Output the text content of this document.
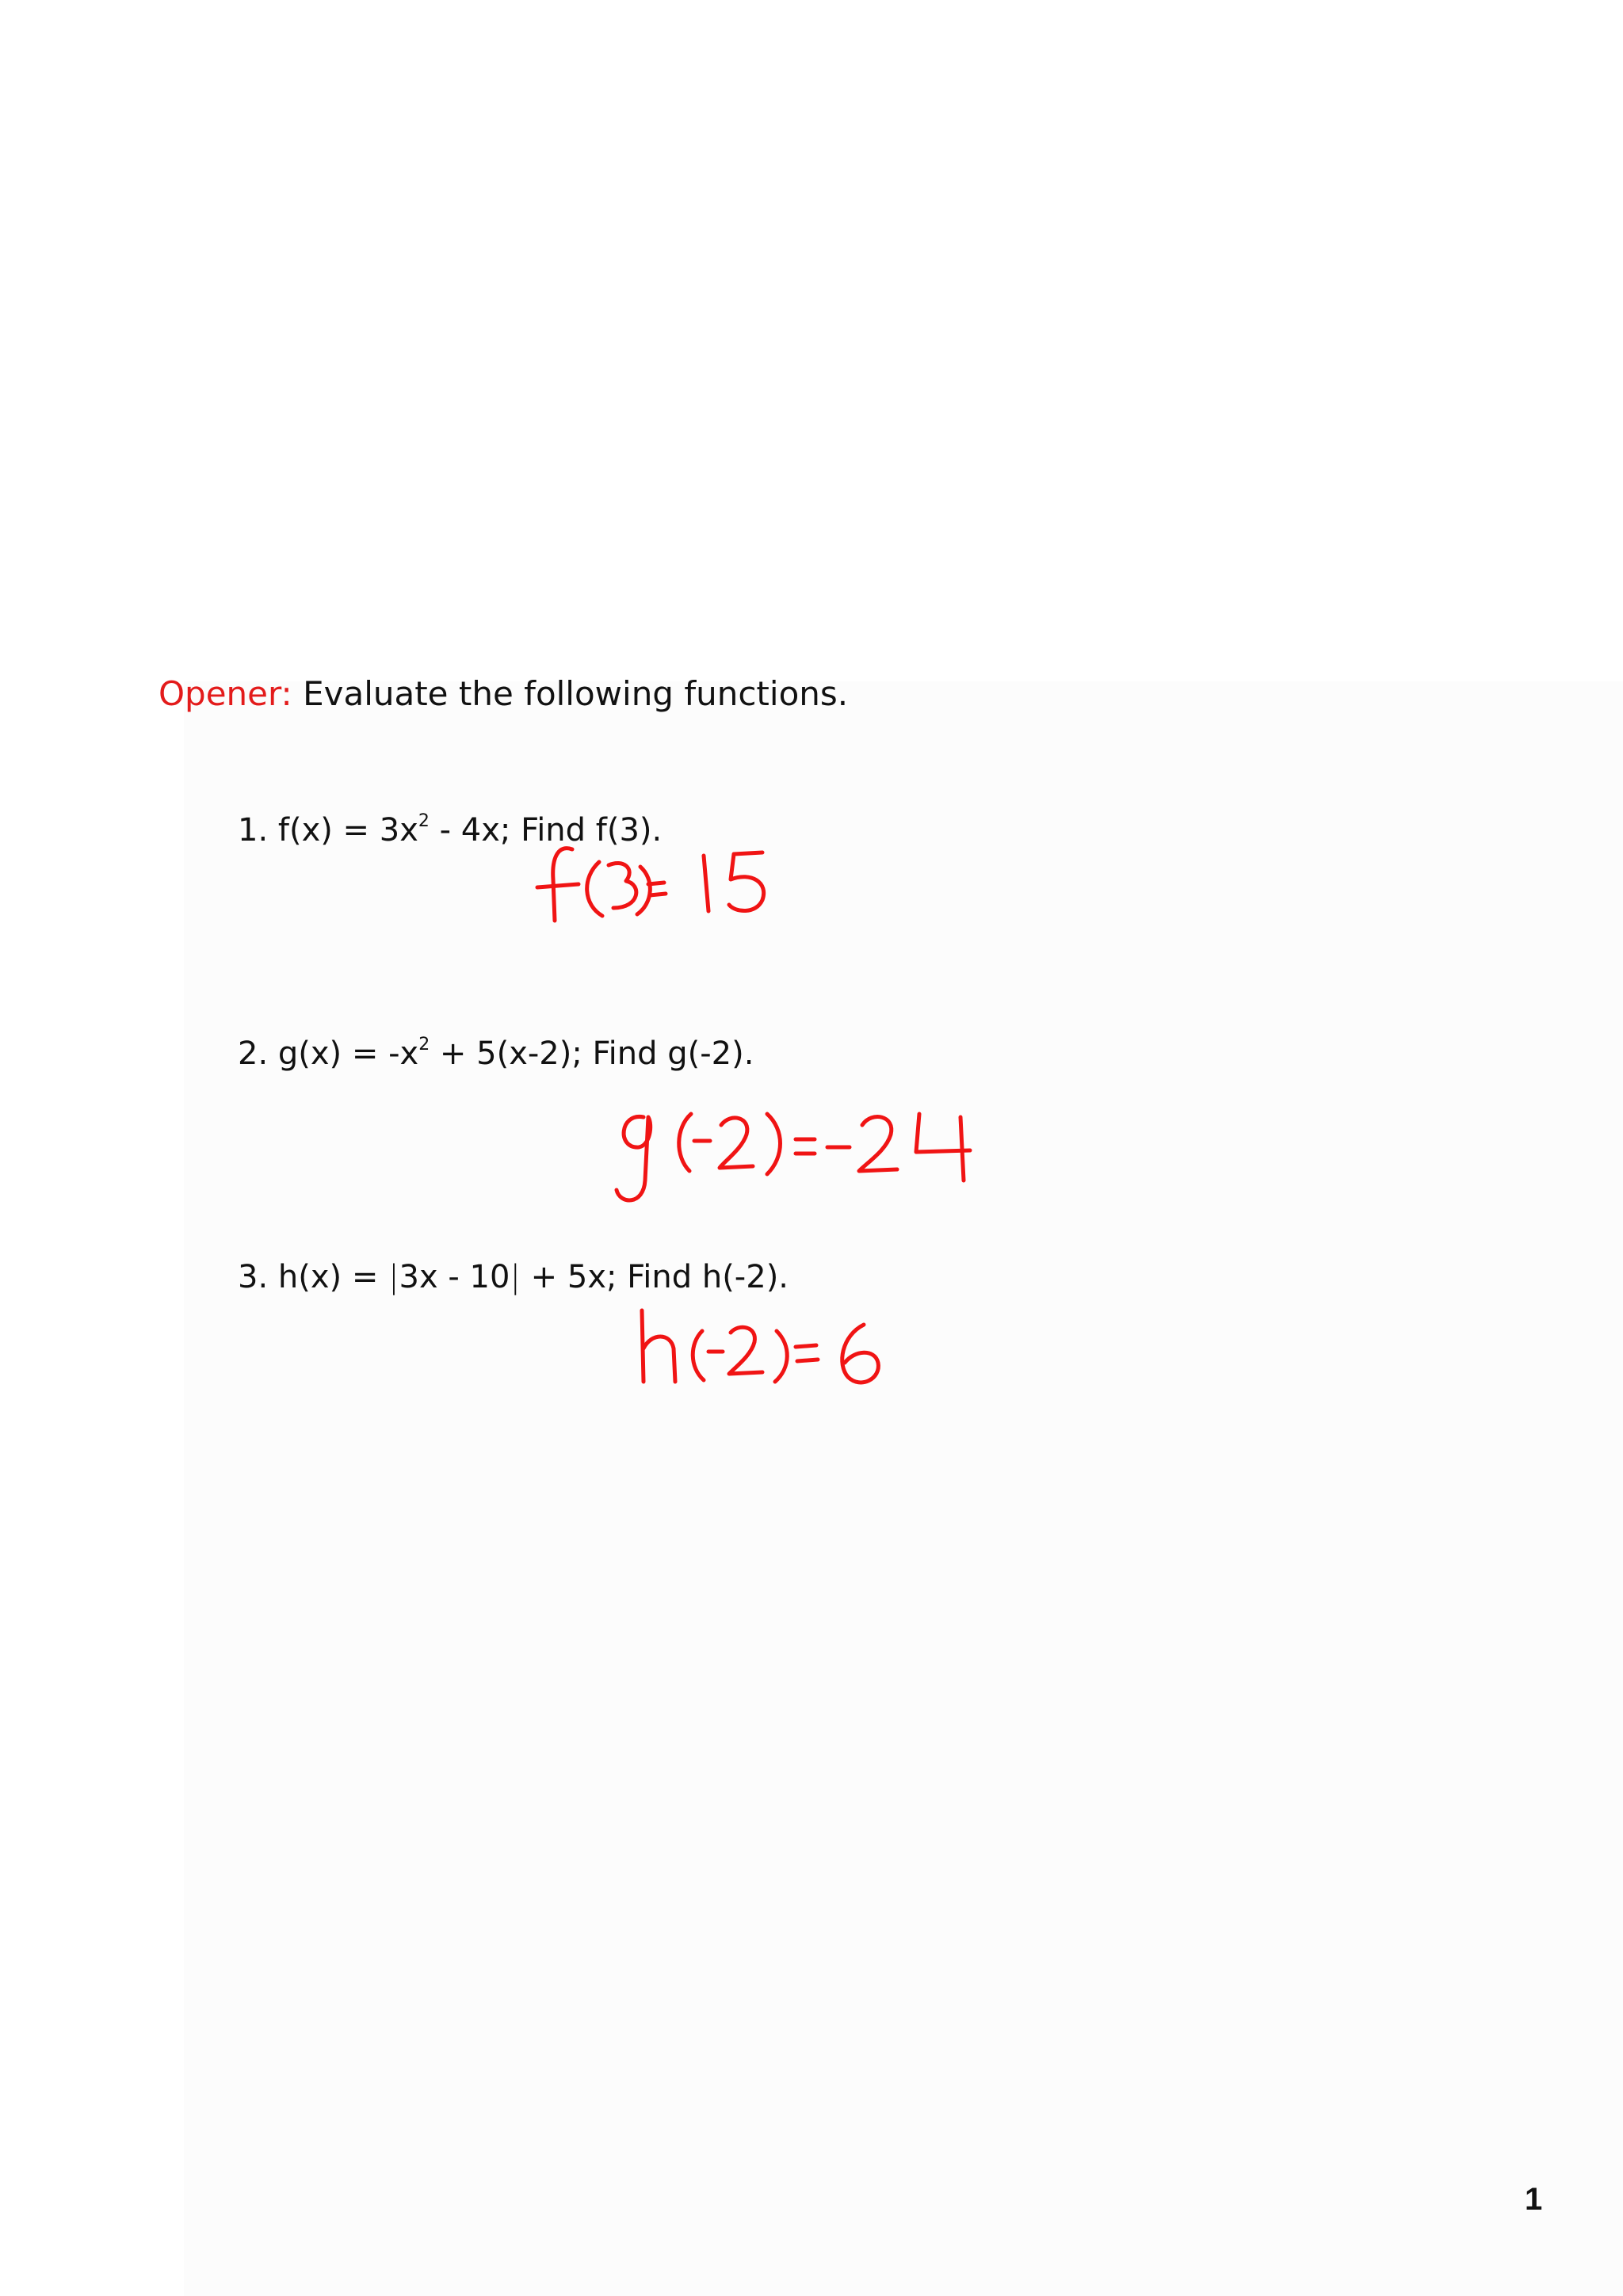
Opener: Evaluate the following functions.
1. $f(x) = 3x^2 - 4x$; Find f(3).
2. $g(x) = -x^2 + 5(x-2)$; Find g(-2).
3. h(x) = |3x - 10| + 5x; Find h(-2).
1
